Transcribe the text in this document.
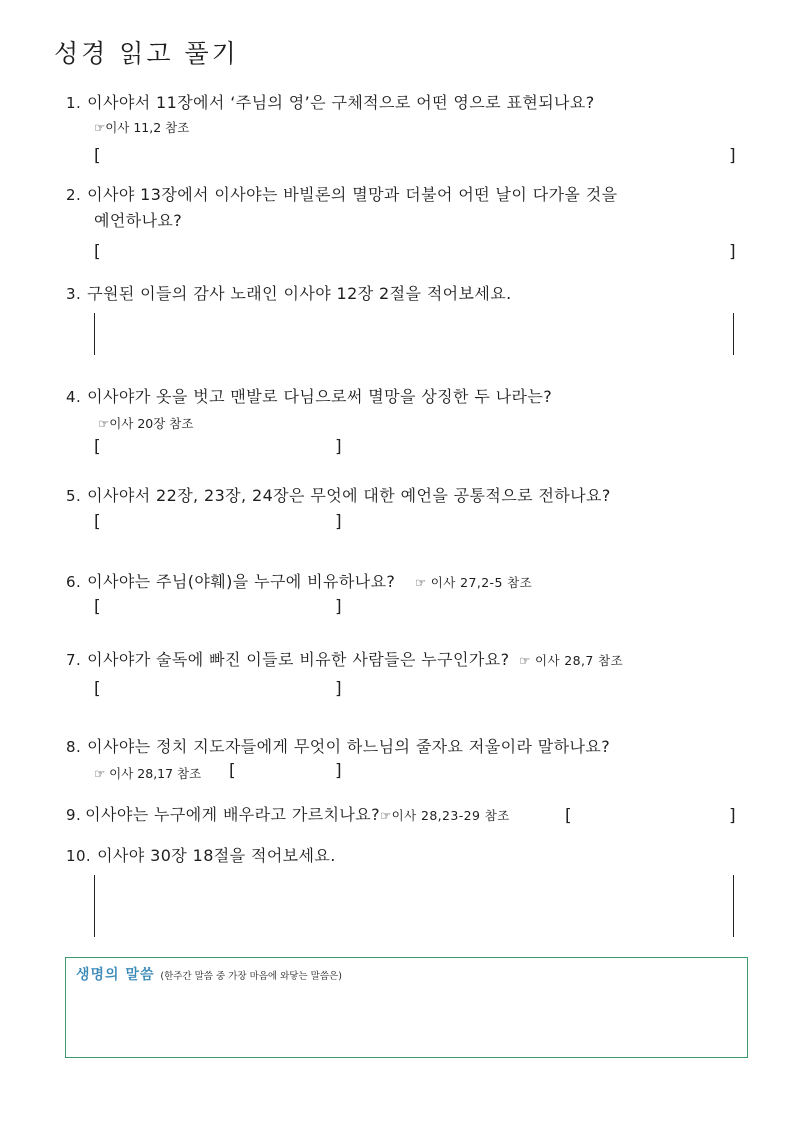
성경 읽고 풀기
1. 이사야서 11장에서 ‘주님의 영’은 구체적으로 어떤 영으로 표현되나요?
☞이사 11,2 참조
[	]
2. 이사야 13장에서 이사야는 바빌론의 멸망과 더불어 어떤 날이 다가올 것을
예언하나요?
[	]
3. 구원된 이들의 감사 노래인 이사야 12장 2절을 적어보세요.
4. 이사야가 옷을 벗고 맨발로 다님으로써 멸망을 상징한 두 나라는?
☞이사 20장 참조
[	]
5. 이사야서 22장, 23장, 24장은 무엇에 대한 예언을 공통적으로 전하나요?
[	]
6. 이사야는 주님(야훼)을 누구에 비유하나요? ☞ 이사 27,2-5 참조
[	]
7. 이사야가 술독에 빠진 이들로 비유한 사람들은 누구인가요? ☞ 이사 28,7 참조
[	]
8. 이사야는 정치 지도자들에게 무엇이 하느님의 줄자요 저울이라 말하나요?
☞ 이사 28,17 참조 [	]
9. 이사야는 누구에게 배우라고 가르치나요?☞이사 28,23-29 참조	[	]
10. 이사야 30장 18절을 적어보세요.
생명의 말씀 (한주간 말씀 중 가장 마음에 와닿는 말씀은)
